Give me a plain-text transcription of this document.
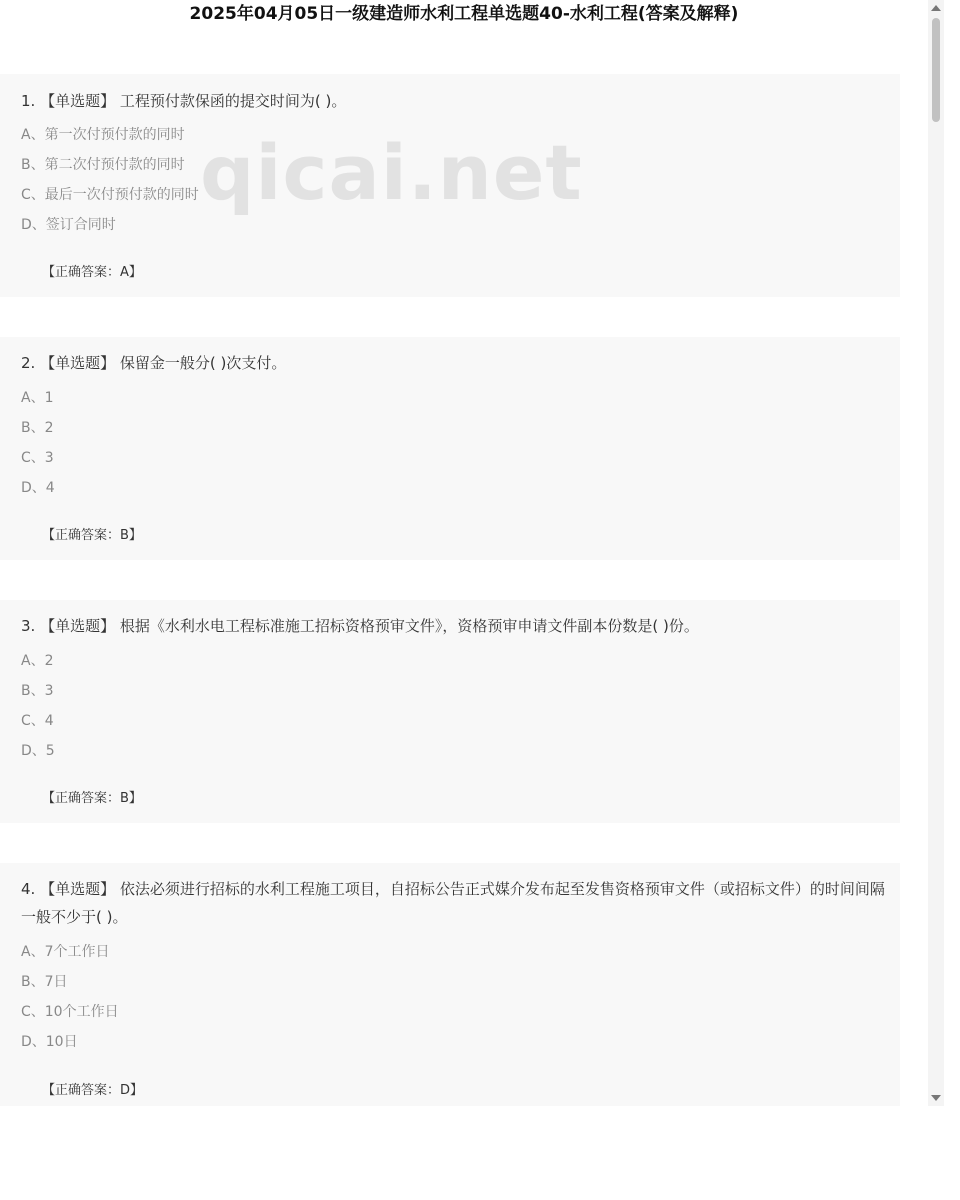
2025年04月05日一级建造师水利工程单选题40-水利工程(答案及解释)
1. 【单选题】 工程预付款保函的提交时间为( )。
A、第一次付预付款的同时
B、第二次付预付款的同时
C、最后一次付预付款的同时
D、签订合同时
【正确答案：A】
2. 【单选题】 保留金一般分( )次支付。
A、1
B、2
C、3
D、4
【正确答案：B】
3. 【单选题】 根据《水利水电工程标准施工招标资格预审文件》，资格预审申请文件副本份数是( )份。
A、2
B、3
C、4
D、5
【正确答案：B】
4. 【单选题】 依法必须进行招标的水利工程施工项目，自招标公告正式媒介发布起至发售资格预审文件（或招标文件）的时间间隔一般不少于( )。
A、7个工作日
B、7日
C、10个工作日
D、10日
【正确答案：D】
qicai.net
